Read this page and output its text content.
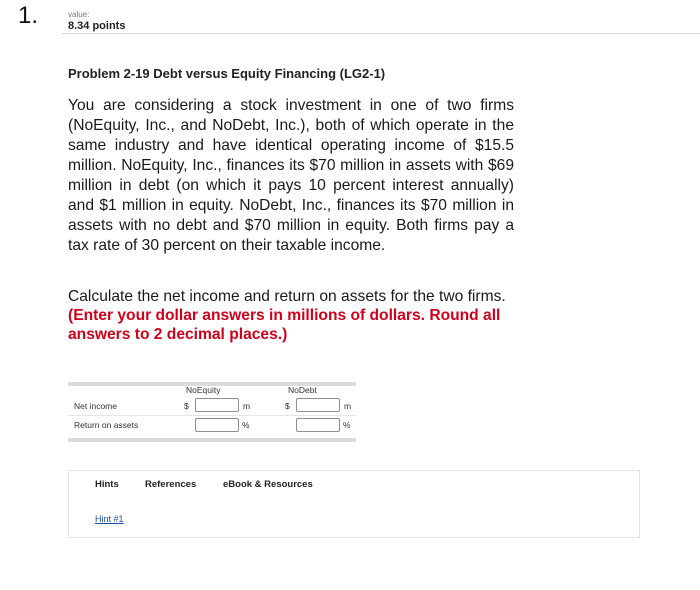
1.	value:
8.34 points
Problem 2-19 Debt versus Equity Financing (LG2-1)
You are considering a stock investment in one of two firms (NoEquity, Inc., and NoDebt, Inc.), both of which operate in the same industry and have identical operating income of $15.5 million. NoEquity, Inc., finances its $70 million in assets with $69 million in debt (on which it pays 10 percent interest annually) and $1 million in equity. NoDebt, Inc., finances its $70 million in assets with no debt and $70 million in equity. Both firms pay a tax rate of 30 percent on their taxable income.
Calculate the net income and return on assets for the two firms. (Enter your dollar answers in millions of dollars. Round all answers to 2 decimal places.)
NoEquity	NoDebt
Net income	$	m	$	m
Return on assets	%	%
Hints	References	eBook & Resources
Hint #1
